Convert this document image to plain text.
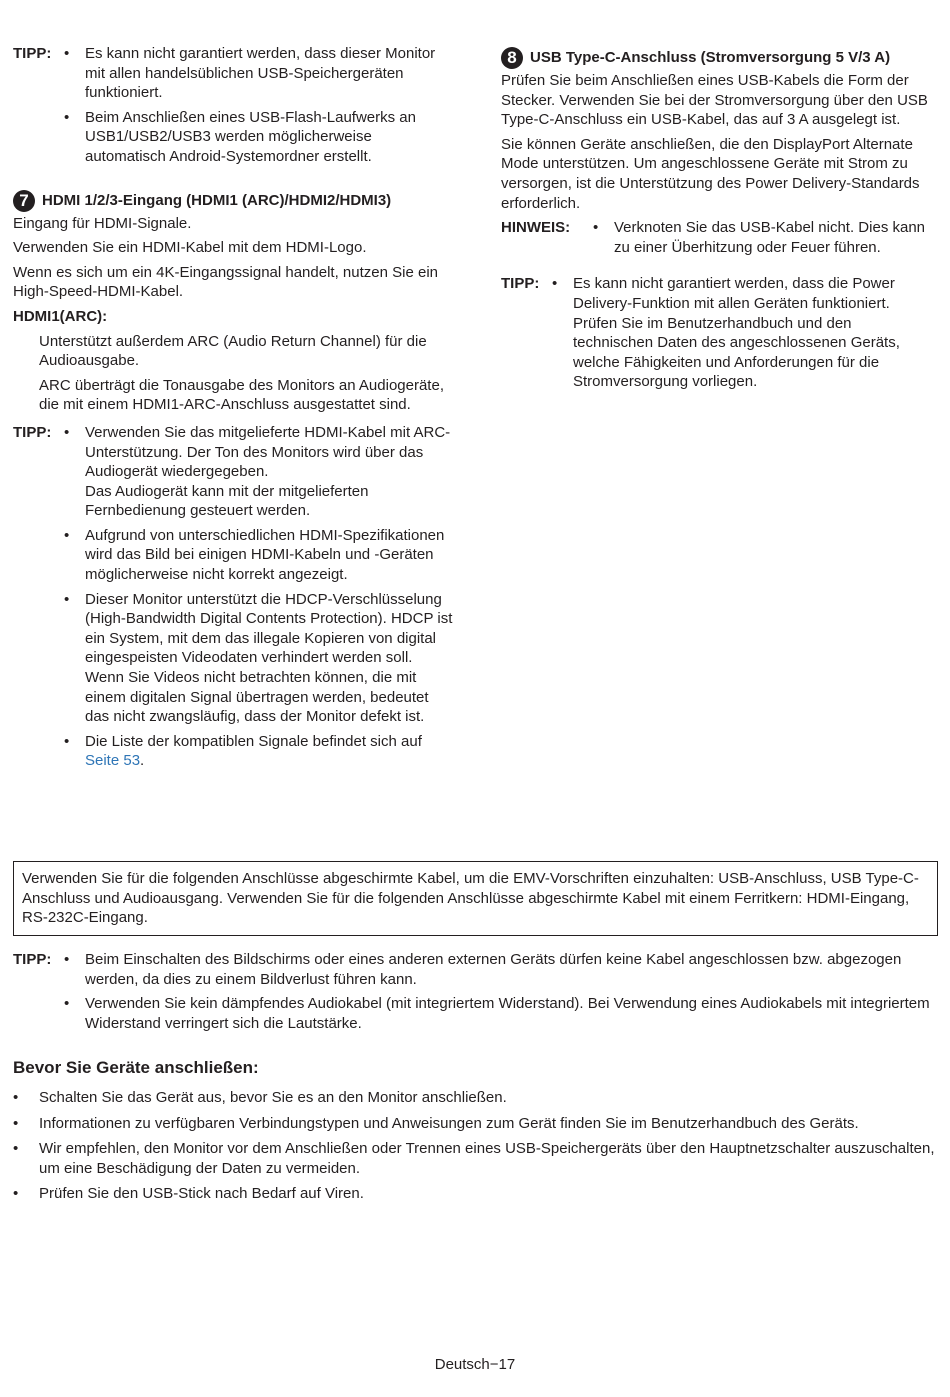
TIPP:	• Es kann nicht garantiert werden, dass dieser Monitor mit allen handelsüblichen USB-Speichergeräten funktioniert.
• Beim Anschließen eines USB-Flash-Laufwerks an USB1/USB2/USB3 werden möglicherweise automatisch Android-Systemordner erstellt.
7 HDMI 1/2/3-Eingang (HDMI1 (ARC)/HDMI2/HDMI3)

Eingang für HDMI-Signale.

Verwenden Sie ein HDMI-Kabel mit dem HDMI-Logo.

Wenn es sich um ein 4K-Eingangssignal handelt, nutzen Sie ein High-Speed-HDMI-Kabel.

HDMI1(ARC):

Unterstützt außerdem ARC (Audio Return Channel) für die Audioausgabe.

ARC überträgt die Tonausgabe des Monitors an Audiogeräte, die mit einem HDMI1-ARC-Anschluss ausgestattet sind.

TIPP:	• Verwenden Sie das mitgelieferte HDMI-Kabel mit ARC-Unterstützung. Der Ton des Monitors wird über das Audiogerät wiedergegeben.
Das Audiogerät kann mit der mitgelieferten Fernbedienung gesteuert werden.
• Aufgrund von unterschiedlichen HDMI-Spezifikationen wird das Bild bei einigen HDMI-Kabeln und -Geräten möglicherweise nicht korrekt angezeigt.
• Dieser Monitor unterstützt die HDCP-Verschlüsselung (High-Bandwidth Digital Contents Protection). HDCP ist ein System, mit dem das illegale Kopieren von digital eingespeisten Videodaten verhindert werden soll. Wenn Sie Videos nicht betrachten können, die mit einem digitalen Signal übertragen werden, bedeutet das nicht zwangsläufig, dass der Monitor defekt ist.
• Die Liste der kompatiblen Signale befindet sich auf Seite 53.
8 USB Type-C-Anschluss (Stromversorgung 5 V/3 A)

Prüfen Sie beim Anschließen eines USB-Kabels die Form der Stecker. Verwenden Sie bei der Stromversorgung über den USB Type-C-Anschluss ein USB-Kabel, das auf 3 A ausgelegt ist.

Sie können Geräte anschließen, die den DisplayPort Alternate Mode unterstützen. Um angeschlossene Geräte mit Strom zu versorgen, ist die Unterstützung des Power Delivery-Standards erforderlich.

HINWEIS:	• Verknoten Sie das USB-Kabel nicht. Dies kann zu einer Überhitzung oder Feuer führen.
TIPP:	• Es kann nicht garantiert werden, dass die Power Delivery-Funktion mit allen Geräten funktioniert. Prüfen Sie im Benutzerhandbuch und den technischen Daten des angeschlossenen Geräts, welche Fähigkeiten und Anforderungen für die Stromversorgung vorliegen.
Verwenden Sie für die folgenden Anschlüsse abgeschirmte Kabel, um die EMV-Vorschriften einzuhalten: USB-Anschluss, USB Type-C-Anschluss und Audioausgang. Verwenden Sie für die folgenden Anschlüsse abgeschirmte Kabel mit einem Ferritkern: HDMI-Eingang, RS-232C-Eingang.
TIPP:	• Beim Einschalten des Bildschirms oder eines anderen externen Geräts dürfen keine Kabel angeschlossen bzw. abgezogen werden, da dies zu einem Bildverlust führen kann.
• Verwenden Sie kein dämpfendes Audiokabel (mit integriertem Widerstand). Bei Verwendung eines Audiokabels mit integriertem Widerstand verringert sich die Lautstärke.
Bevor Sie Geräte anschließen:
• Schalten Sie das Gerät aus, bevor Sie es an den Monitor anschließen.
• Informationen zu verfügbaren Verbindungstypen und Anweisungen zum Gerät finden Sie im Benutzerhandbuch des Geräts.
• Wir empfehlen, den Monitor vor dem Anschließen oder Trennen eines USB-Speichergeräts über den Hauptnetzschalter auszuschalten, um eine Beschädigung der Daten zu vermeiden.
• Prüfen Sie den USB-Stick nach Bedarf auf Viren.
Deutsch−17
